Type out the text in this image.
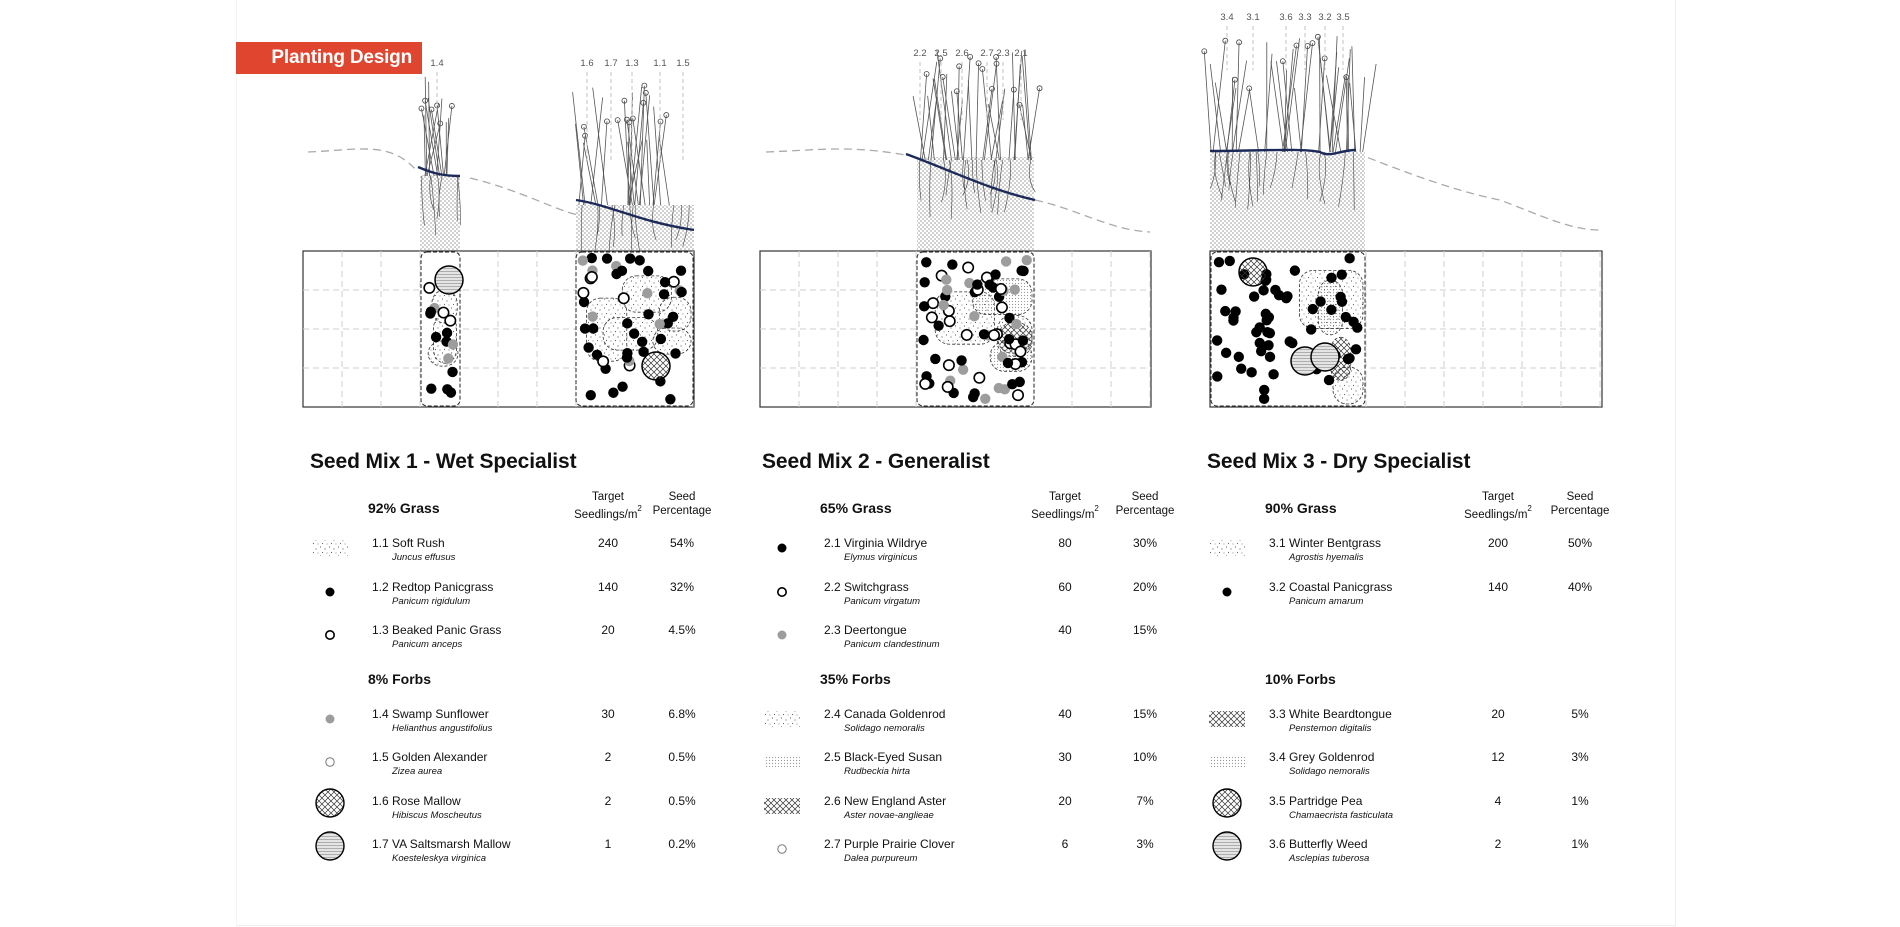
Planting Design	1.4	1.6	1.7 1.3	1.1	1.5
2.2 2.5 2.6	2.7 2.3 2.1
3.4	3.1	3.6 3.3 3.2 3.5
Seed Mix 1 - Wet Specialist
92% Grass
Target
Seedlings/$m^2$
Seed
Percentage
1.1 Soft Rush
Juncus effusus
240	54%
1.2 Redtop Panicgrass
Panicum rigidulum
140	32%
1.3 Beaked Panic Grass
Panicum anceps
20	4.5%
8% Forbs
1.4 Swamp Sunflower
Helianthus angustifolius
30	6.8%
1.5 Golden Alexander
Zizea aurea
2	0.5%
1.6 Rose Mallow
Hibiscus Moscheutus
2	0.5%
1.7 VA Saltsmarsh Mallow
Koesteleskya virginica
1	0.2%
Seed Mix 2 - Generalist
65% Grass
Target
Seedlings/$m^2$
Seed
Percentage
2.1 Virginia Wildrye
Elymus virginicus
80	30%
2.2 Switchgrass
Panicum virgatum
60	20%
2.3 Deertongue
Panicum clandestinum
40	15%
35% Forbs
2.4 Canada Goldenrod
Solidago nemoralis
40	15%
2.5 Black-Eyed Susan
Rudbeckia hirta
30	10%
2.6 New England Aster
Aster novae-anglieae
20	7%
2.7 Purple Prairie Clover
Dalea purpureum
6	3%
Seed Mix 3 - Dry Specialist
90% Grass
Target
Seedlings/$m^2$
Seed
Percentage
3.1 Winter Bentgrass
Agrostis hyemalis
200	50%
3.2 Coastal Panicgrass
Panicum amarum
140	40%
10% Forbs
3.3 White Beardtongue
Penstemon digitalis
20	5%
3.4 Grey Goldenrod
Solidago nemoralis
12	3%
3.5 Partridge Pea
Chamaecrista fasticulata
4	1%
3.6 Butterfly Weed
Asclepias tuberosa
2	1%
